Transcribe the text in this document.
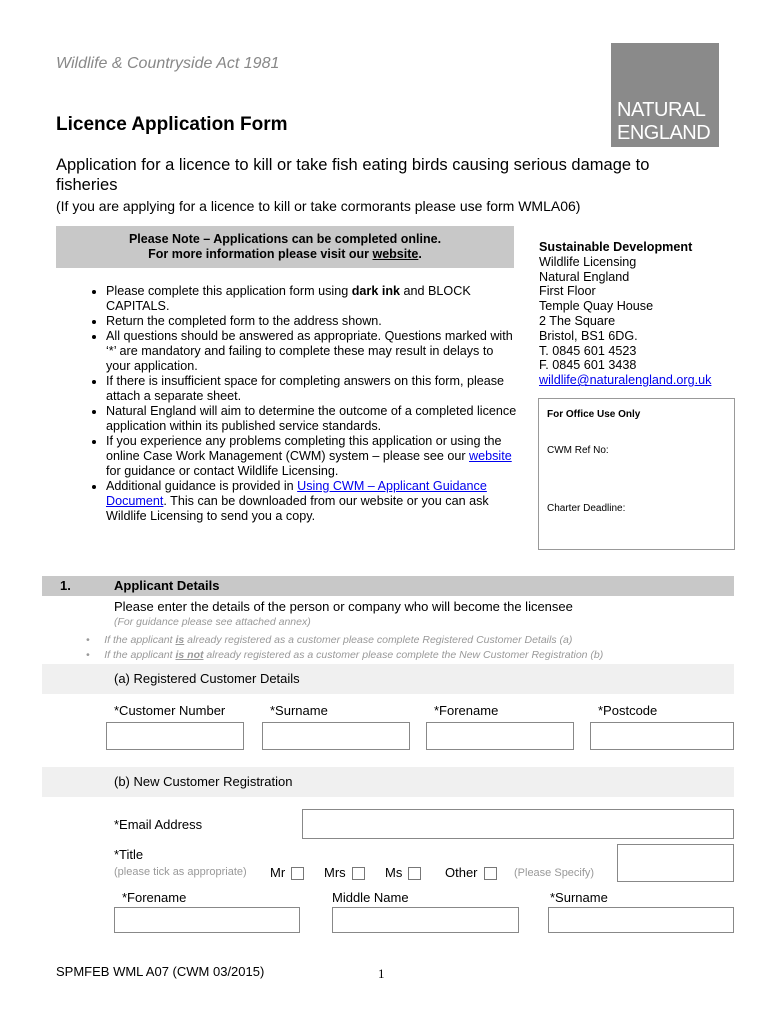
Wildlife & Countryside Act 1981
Licence Application Form
NATURAL
ENGLAND
Application for a licence to kill or take fish eating birds causing serious damage to fisheries
(If you are applying for a licence to kill or take cormorants please use form WMLA06)
Please Note – Applications can be completed online.
For more information please visit our website.
• Please complete this application form using dark ink and BLOCK CAPITALS.
• Return the completed form to the address shown.
• All questions should be answered as appropriate. Questions marked with ‘*’ are mandatory and failing to complete these may result in delays to your application.
• If there is insufficient space for completing answers on this form, please attach a separate sheet.
• Natural England will aim to determine the outcome of a completed licence application within its published service standards.
• If you experience any problems completing this application or using the online Case Work Management (CWM) system – please see our website for guidance or contact Wildlife Licensing.
• Additional guidance is provided in Using CWM – Applicant Guidance Document. This can be downloaded from our website or you can ask Wildlife Licensing to send you a copy.
Sustainable Development
Wildlife Licensing
Natural England
First Floor
Temple Quay House
2 The Square
Bristol, BS1 6DG.
T. 0845 601 4523
F. 0845 601 3438
wildlife@naturalengland.org.uk
For Office Use Only
CWM Ref No:
Charter Deadline:
1.	Applicant Details
Please enter the details of the person or company who will become the licensee
(For guidance please see attached annex)
•     If the applicant is already registered as a customer please complete Registered Customer Details (a)
•     If the applicant is not already registered as a customer please complete the New Customer Registration (b)
(a) Registered Customer Details
*Customer Number	*Surname	*Forename	*Postcode
(b) New Customer Registration
*Email Address
*Title
(please tick as appropriate) Mr	Mrs	Ms	Other	(Please Specify)
*Forename	Middle Name	*Surname
SPMFEB WML A07 (CWM 03/2015)	1
